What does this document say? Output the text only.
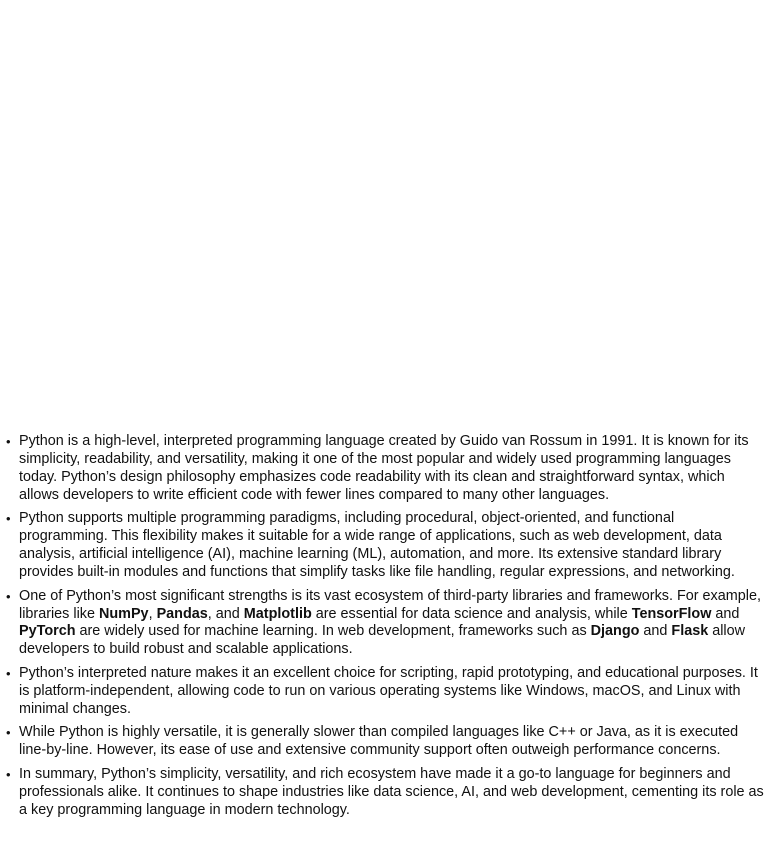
• Python is a high-level, interpreted programming language created by Guido van Rossum in 1991. It is known for its simplicity, readability, and versatility, making it one of the most popular and widely used programming languages today. Python’s design philosophy emphasizes code readability with its clean and straightforward syntax, which allows developers to write efficient code with fewer lines compared to many other languages.
• Python supports multiple programming paradigms, including procedural, object-oriented, and functional programming. This flexibility makes it suitable for a wide range of applications, such as web development, data analysis, artificial intelligence (AI), machine learning (ML), automation, and more. Its extensive standard library provides built-in modules and functions that simplify tasks like file handling, regular expressions, and networking.
• One of Python’s most significant strengths is its vast ecosystem of third-party libraries and frameworks. For example, libraries like NumPy, Pandas, and Matplotlib are essential for data science and analysis, while TensorFlow and PyTorch are widely used for machine learning. In web development, frameworks such as Django and Flask allow developers to build robust and scalable applications.
• Python’s interpreted nature makes it an excellent choice for scripting, rapid prototyping, and educational purposes. It is platform-independent, allowing code to run on various operating systems like Windows, macOS, and Linux with minimal changes.
• While Python is highly versatile, it is generally slower than compiled languages like C++ or Java, as it is executed line-by-line. However, its ease of use and extensive community support often outweigh performance concerns.
• In summary, Python’s simplicity, versatility, and rich ecosystem have made it a go-to language for beginners and professionals alike. It continues to shape industries like data science, AI, and web development, cementing its role as a key programming language in modern technology.
